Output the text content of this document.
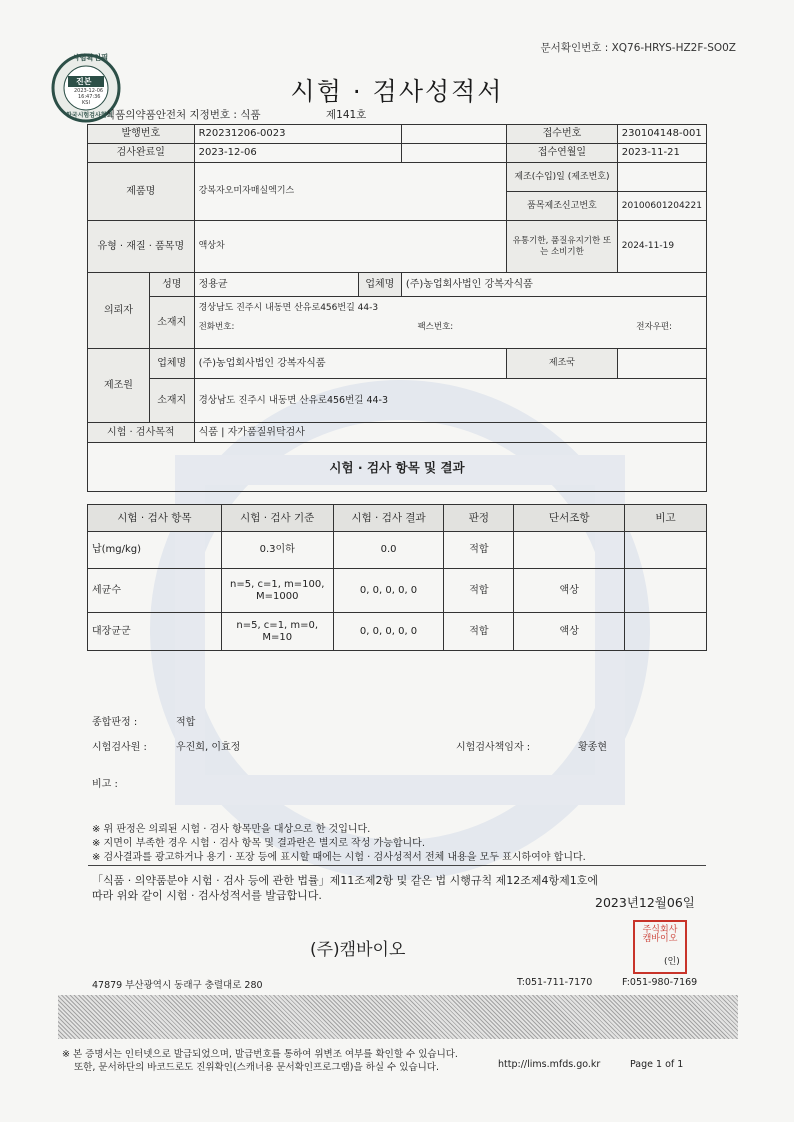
시험확인필
진본
2023-12-06
16:47:36
KSI
한국시험검사협회
문서확인번호 : XQ76-HRYS-HZ2F-SO0Z
시험 · 검사성적서
식품의약품안전처 지정번호 : 식품	제141호
발행번호		R20231206-0023			접수번호	230104148-001
검사완료일		2023-12-06			접수연월일	2023-11-21
제품명		강복자오미자매실엑기스			제조(수입)일 (제조번호)	
					품목제조신고번호	20100601204221
유형 · 재질 · 품목명		액상차			유통기한, 품질유지기한 또는 소비기한	2024-11-19
의뢰자	성명	정용균	업체명	(주)농업회사법인 강복자식품		
	소재지	경상남도 진주시 내동면 산유로456번길 44-3
전화번호: 팩스번호: 전자우편:				

제조원	업체명	(주)농업회사법인 강복자식품			제조국	
	소재지	경상남도 진주시 내동면 산유로456번길 44-3				
시험 · 검사목적		식품 | 자가품질위탁검사				
시험 · 검사 항목 및 결과						
시험 · 검사 항목	시험 · 검사 기준	시험 · 검사 결과	판정	단서조항	비고
납(mg/kg)	0.3이하	0.0	적합		
세균수	n=5, c=1, m=100, M=1000	0, 0, 0, 0, 0	적합	액상	
대장균군	n=5, c=1, m=0, M=10	0, 0, 0, 0, 0	적합	액상	
종합판정 :	적합
시험검사원 :	우진희, 이효정	시험검사책임자 :	황종현
비고 :
※ 위 판정은 의뢰된 시험 · 검사 항목만을 대상으로 한 것입니다.
※ 지면이 부족한 경우 시험 · 검사 항목 및 결과란은 별지로 작성 가능합니다.
※ 검사결과를 광고하거나 용기 · 포장 등에 표시할 때에는 시험 · 검사성적서 전체 내용을 모두 표시하여야 합니다.
「식품 · 의약품분야 시험 · 검사 등에 관한 법률」제11조제2항 및 같은 법 시행규칙 제12조제4항제1호에
따라 위와 같이 시험 · 검사성적서를 발급합니다.	2023년12월06일
(주)캠바이오
주식회사캠바이오
(인)
47879 부산광역시 동래구 충렬대로 280	T:051-711-7170	F:051-980-7169
※ 본 증명서는 인터넷으로 발급되었으며, 발급번호를 통하여 위변조 여부를 확인할 수 있습니다.
또한, 문서하단의 바코드로도 진위확인(스캐너용 문서확인프로그램)을 하실 수 있습니다.	http://lims.mfds.go.kr	Page 1 of 1
